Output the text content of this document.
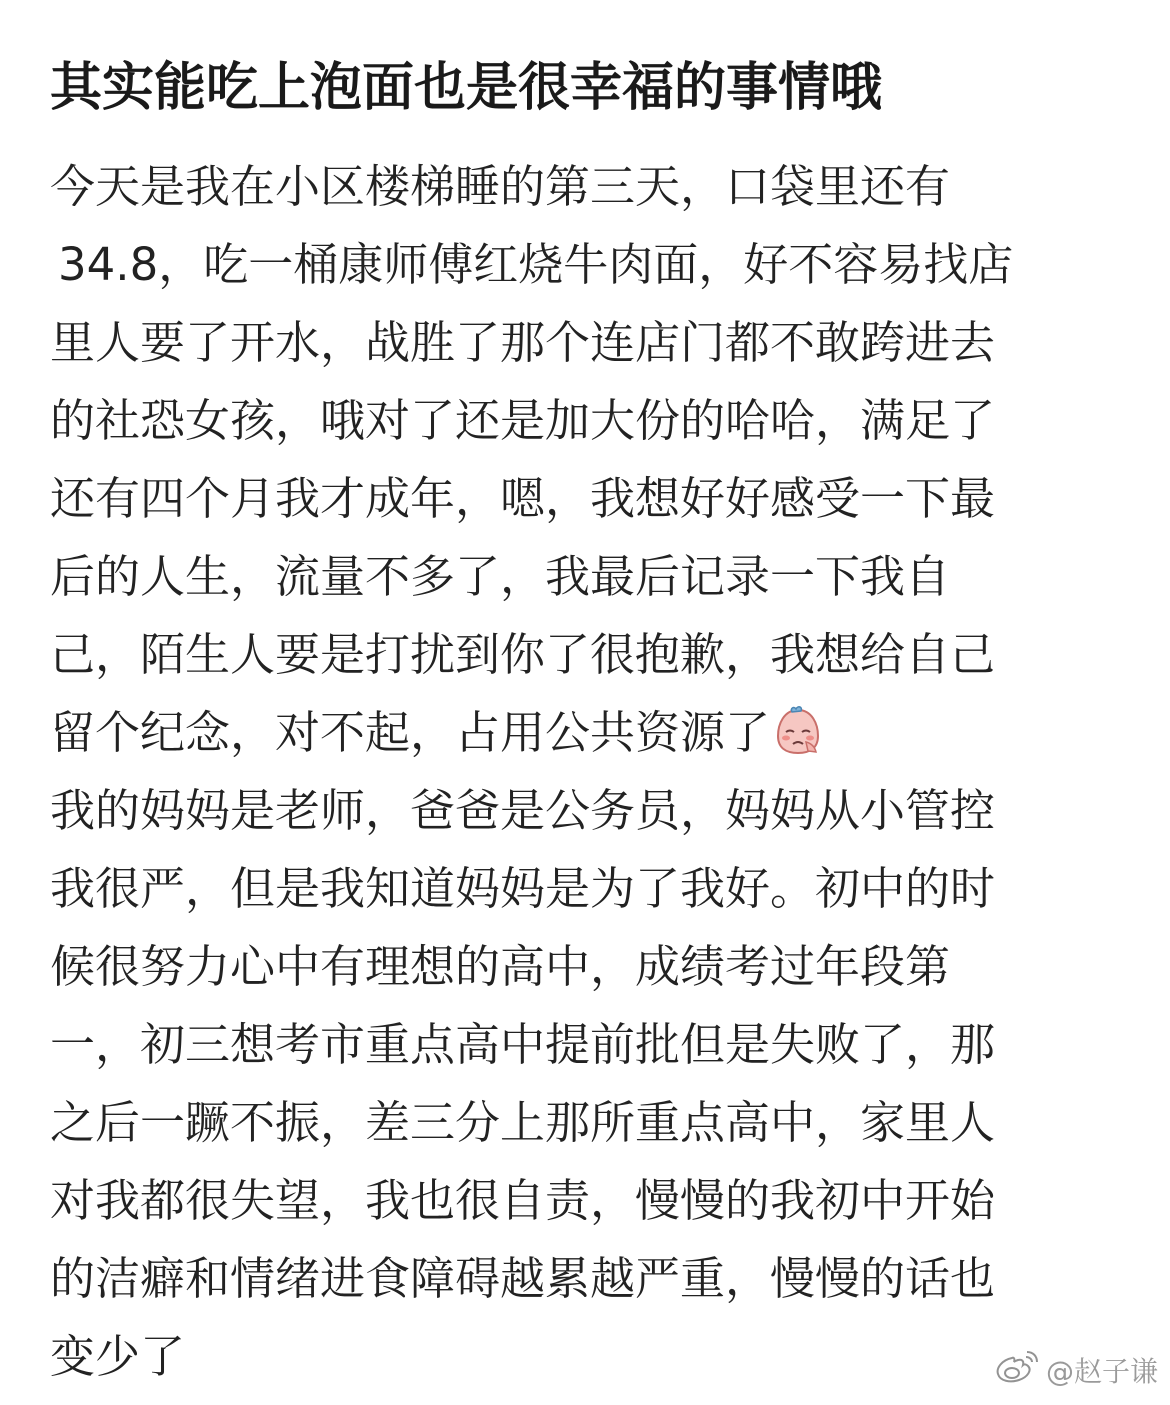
其实能吃上泡面也是很幸福的事情哦
今天是我在小区楼梯睡的第三天，口袋里还有
34.8，吃一桶康师傅红烧牛肉面，好不容易找店
里人要了开水，战胜了那个连店门都不敢跨进去
的社恐女孩，哦对了还是加大份的哈哈，满足了
还有四个月我才成年，嗯，我想好好感受一下最
后的人生，流量不多了，我最后记录一下我自
己，陌生人要是打扰到你了很抱歉，我想给自己
留个纪念，对不起，占用公共资源了
我的妈妈是老师，爸爸是公务员，妈妈从小管控
我很严，但是我知道妈妈是为了我好。初中的时
候很努力心中有理想的高中，成绩考过年段第
一，初三想考市重点高中提前批但是失败了，那
之后一蹶不振，差三分上那所重点高中，家里人
对我都很失望，我也很自责，慢慢的我初中开始
的洁癖和情绪进食障碍越累越严重，慢慢的话也
变少了	@赵子谦
